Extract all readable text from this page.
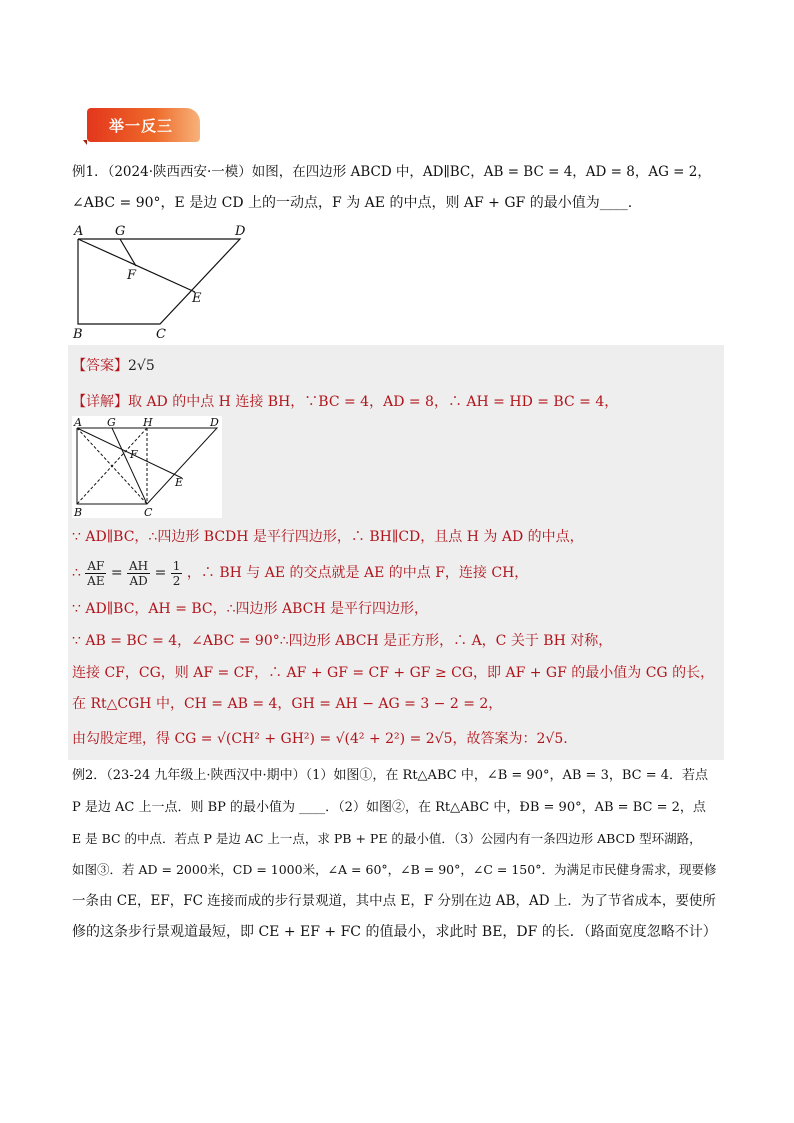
举一反三
例1．（2024·陕西西安·一模）如图，在四边形 ABCD 中，AD∥BC，AB = BC = 4，AD = 8，AG = 2，
∠ABC = 90°，E 是边 CD 上的一动点，F 为 AE 的中点，则 AF + GF 的最小值为____.
A G	D
F
E
B	C
【答案】2√5
【详解】取 AD 的中点 H 连接 BH，∵BC = 4，AD = 8，∴ AH = HD = BC = 4，
A G H	D
F
E
B	C
∵ AD∥BC，∴四边形 BCDH 是平行四边形，∴ BH∥CD，且点 H 为 AD 的中点，
∴ $\frac{AF}{AE} = \frac{AH}{AD} = \frac{1}{2}$ ，∴ BH 与 AE 的交点就是 AE 的中点 F，连接 CH，
∵ AD∥BC，AH = BC，∴四边形 ABCH 是平行四边形，
∵ AB = BC = 4，∠ABC = 90°∴四边形 ABCH 是正方形，∴ A，C 关于 BH 对称，
连接 CF，CG，则 AF = CF，∴ AF + GF = CF + GF ≥ CG，即 AF + GF 的最小值为 CG 的长，
在 Rt△CGH 中，CH = AB = 4，GH = AH − AG = 3 − 2 = 2，
由勾股定理，得 CG = √(CH² + GH²) = √(4² + 2²) = 2√5，故答案为：2√5.
例2．（23-24 九年级上·陕西汉中·期中）（1）如图①，在 Rt△ABC 中，∠B = 90°，AB = 3，BC = 4．若点
P 是边 AC 上一点．则 BP 的最小值为 ____．（2）如图②，在 Rt△ABC 中，ÐB = 90°，AB = BC = 2，点
E 是 BC 的中点．若点 P 是边 AC 上一点，求 PB + PE 的最小值．（3）公园内有一条四边形 ABCD 型环湖路，
如图③．若 AD = 2000米，CD = 1000米，∠A = 60°，∠B = 90°，∠C = 150°．为满足市民健身需求，现要修
一条由 CE，EF，FC 连接而成的步行景观道，其中点 E，F 分别在边 AB，AD 上．为了节省成本，要使所
修的这条步行景观道最短，即 CE + EF + FC 的值最小，求此时 BE，DF 的长．（路面宽度忽略不计）
